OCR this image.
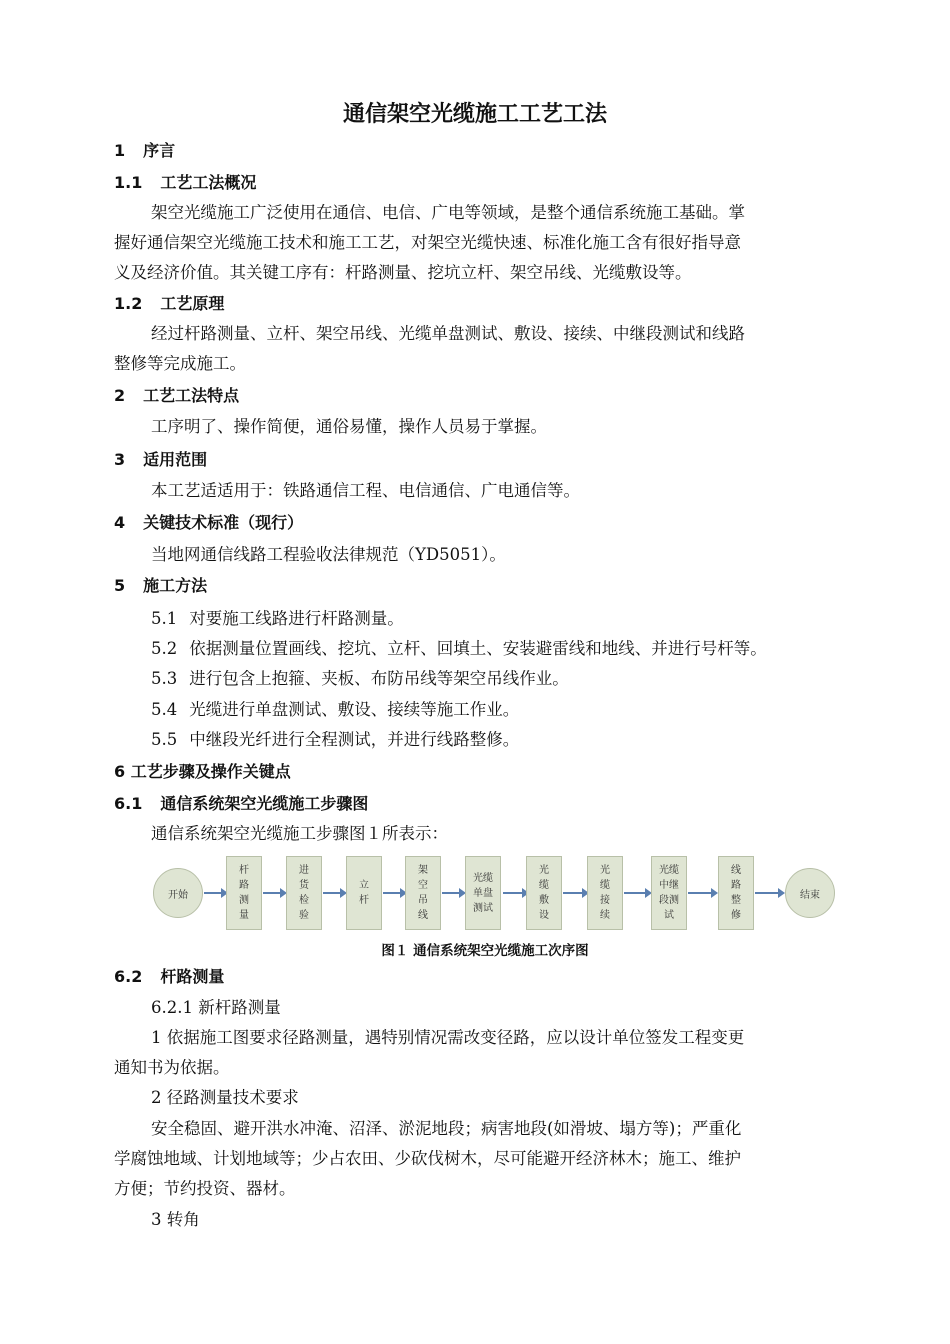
通信架空光缆施工工艺工法
1 序言
1.1 工艺工法概况
架空光缆施工广泛使用在通信、电信、广电等领域，是整个通信系统施工基础。掌
握好通信架空光缆施工技术和施工工艺，对架空光缆快速、标准化施工含有很好指导意
义及经济价值。其关键工序有：杆路测量、挖坑立杆、架空吊线、光缆敷设等。
1.2 工艺原理
经过杆路测量、立杆、架空吊线、光缆单盘测试、敷设、接续、中继段测试和线路
整修等完成施工。
2 工艺工法特点
工序明了、操作简便，通俗易懂，操作人员易于掌握。
3 适用范围
本工艺适适用于：铁路通信工程、电信通信、广电通信等。
4 关键技术标准（现行）
当地网通信线路工程验收法律规范（YD5051）。
5 施工方法
5.1 对要施工线路进行杆路测量。
5.2 依据测量位置画线、挖坑、立杆、回填土、安装避雷线和地线、并进行号杆等。
5.3 进行包含上抱箍、夹板、布防吊线等架空吊线作业。
5.4 光缆进行单盘测试、敷设、接续等施工作业。
5.5 中继段光纤进行全程测试，并进行线路整修。
6 工艺步骤及操作关键点
6.1 通信系统架空光缆施工步骤图
通信系统架空光缆施工步骤图１所表示：
开始
杆
路
测
量
进
货
检
验
立
杆
架
空
吊
线
光缆
单盘
测试
光
缆
敷
设
光
缆
接
续
光缆
中继
段测
试
线
路
整
修
结束
图１ 通信系统架空光缆施工次序图
6.2 杆路测量
6.2.1 新杆路测量
1 依据施工图要求径路测量，遇特别情况需改变径路，应以设计单位签发工程变更
通知书为依据。
2 径路测量技术要求
安全稳固、避开洪水冲淹、沼泽、淤泥地段；病害地段(如滑坡、塌方等)；严重化
学腐蚀地域、计划地域等；少占农田、少砍伐树木，尽可能避开经济林木；施工、维护
方便；节约投资、器材。
3 转角
